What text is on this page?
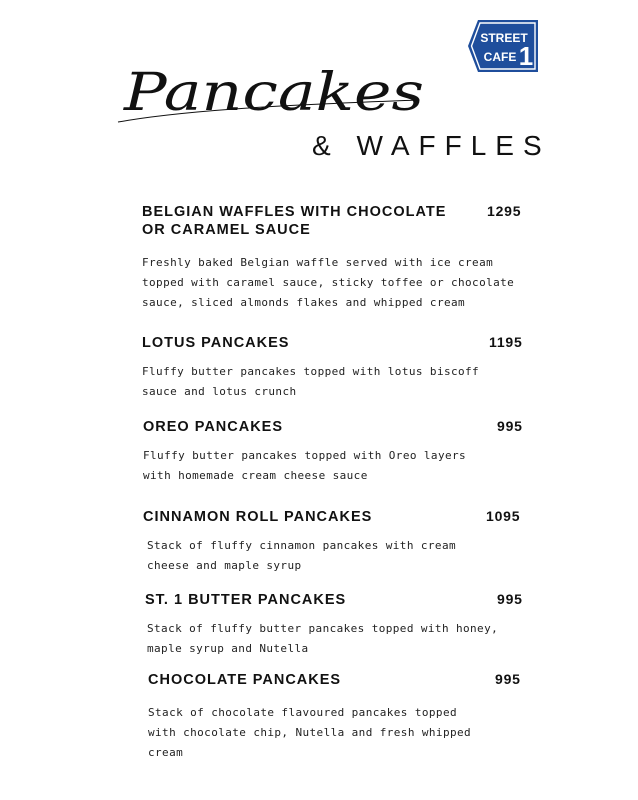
STREET
CAFE 1
Pancakes
& WAFFLES

BELGIAN WAFFLES WITH CHOCOLATE

OR CARAMEL SAUCE

Freshly baked Belgian waffle served with ice cream

topped with caramel sauce, sticky toffee or chocolate

sauce, sliced almonds flakes and whipped cream

1295

LOTUS PANCAKES

Fluffy butter pancakes topped with lotus biscoff

sauce and lotus crunch

1195

OREO PANCAKES

Fluffy butter pancakes topped with Oreo layers

with homemade cream cheese sauce

995

CINNAMON ROLL PANCAKES

Stack of fluffy cinnamon pancakes with cream

cheese and maple syrup

1095

ST. 1 BUTTER PANCAKES

Stack of fluffy butter pancakes topped with honey,

maple syrup and Nutella

995

CHOCOLATE PANCAKES

Stack of chocolate flavoured pancakes topped

with chocolate chip, Nutella and fresh whipped

cream

995
